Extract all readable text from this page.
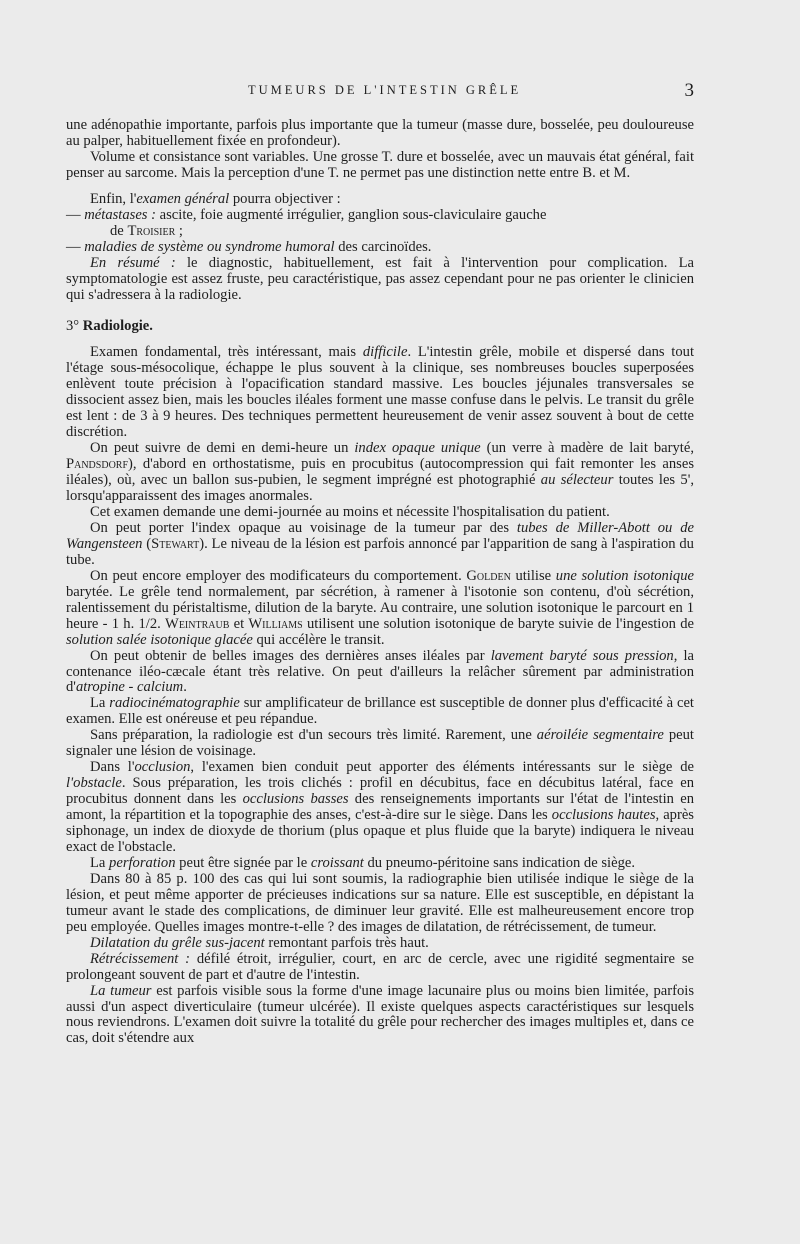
TUMEURS DE L'INTESTIN GRÊLE	3

une adénopathie importante, parfois plus importante que la tumeur (masse dure, bosselée, peu douloureuse au palper, habituellement fixée en profondeur).

Volume et consistance sont variables. Une grosse T. dure et bosselée, avec un mauvais état général, fait penser au sarcome. Mais la perception d'une T. ne permet pas une distinction nette entre B. et M.

Enfin, l'examen général pourra objectiver :

— métastases : ascite, foie augmenté irrégulier, ganglion sous-claviculaire gauche

de Troisier ;

— maladies de système ou syndrome humoral des carcinoïdes.

En résumé : le diagnostic, habituellement, est fait à l'intervention pour complication. La symptomatologie est assez fruste, peu caractéristique, pas assez cependant pour ne pas orienter le clinicien qui s'adressera à la radiologie.

3° Radiologie.

Examen fondamental, très intéressant, mais difficile. L'intestin grêle, mobile et dispersé dans tout l'étage sous-mésocolique, échappe le plus souvent à la clinique, ses nombreuses boucles superposées enlèvent toute précision à l'opacification standard massive. Les boucles jéjunales transversales se dissocient assez bien, mais les boucles iléales forment une masse confuse dans le pelvis. Le transit du grêle est lent : de 3 à 9 heures. Des techniques permettent heureusement de venir assez souvent à bout de cette discrétion.

On peut suivre de demi en demi-heure un index opaque unique (un verre à madère de lait baryté, Pandsdorf), d'abord en orthostatisme, puis en procubitus (autocompression qui fait remonter les anses iléales), où, avec un ballon sus-pubien, le segment imprégné est photographié au sélecteur toutes les 5', lorsqu'apparaissent des images anormales.

Cet examen demande une demi-journée au moins et nécessite l'hospitalisation du patient.

On peut porter l'index opaque au voisinage de la tumeur par des tubes de Miller-Abott ou de Wangensteen (Stewart). Le niveau de la lésion est parfois annoncé par l'apparition de sang à l'aspiration du tube.

On peut encore employer des modificateurs du comportement. Golden utilise une solution isotonique barytée. Le grêle tend normalement, par sécrétion, à ramener à l'isotonie son contenu, d'où sécrétion, ralentissement du péristaltisme, dilution de la baryte. Au contraire, une solution isotonique le parcourt en 1 heure - 1 h. 1/2. Weintraub et Williams utilisent une solution isotonique de baryte suivie de l'ingestion de solution salée isotonique glacée qui accélère le transit.

On peut obtenir de belles images des dernières anses iléales par lavement baryté sous pression, la contenance iléo-cæcale étant très relative. On peut d'ailleurs la relâcher sûrement par administration d'atropine - calcium.

La radiocinématographie sur amplificateur de brillance est susceptible de donner plus d'efficacité à cet examen. Elle est onéreuse et peu répandue.

Sans préparation, la radiologie est d'un secours très limité. Rarement, une aéroiléie segmentaire peut signaler une lésion de voisinage.

Dans l'occlusion, l'examen bien conduit peut apporter des éléments intéressants sur le siège de l'obstacle. Sous préparation, les trois clichés : profil en décubitus, face en décubitus latéral, face en procubitus donnent dans les occlusions basses des renseignements importants sur l'état de l'intestin en amont, la répartition et la topographie des anses, c'est-à-dire sur le siège. Dans les occlusions hautes, après siphonage, un index de dioxyde de thorium (plus opaque et plus fluide que la baryte) indiquera le niveau exact de l'obstacle.

La perforation peut être signée par le croissant du pneumo-péritoine sans indication de siège.

Dans 80 à 85 p. 100 des cas qui lui sont soumis, la radiographie bien utilisée indique le siège de la lésion, et peut même apporter de précieuses indications sur sa nature. Elle est susceptible, en dépistant la tumeur avant le stade des complications, de diminuer leur gravité. Elle est malheureusement encore trop peu employée. Quelles images montre-t-elle ? des images de dilatation, de rétrécissement, de tumeur.

Dilatation du grêle sus-jacent remontant parfois très haut.

Rétrécissement : défilé étroit, irrégulier, court, en arc de cercle, avec une rigidité segmentaire se prolongeant souvent de part et d'autre de l'intestin.

La tumeur est parfois visible sous la forme d'une image lacunaire plus ou moins bien limitée, parfois aussi d'un aspect diverticulaire (tumeur ulcérée). Il existe quelques aspects caractéristiques sur lesquels nous reviendrons. L'examen doit suivre la totalité du grêle pour rechercher des images multiples et, dans ce cas, doit s'étendre aux
